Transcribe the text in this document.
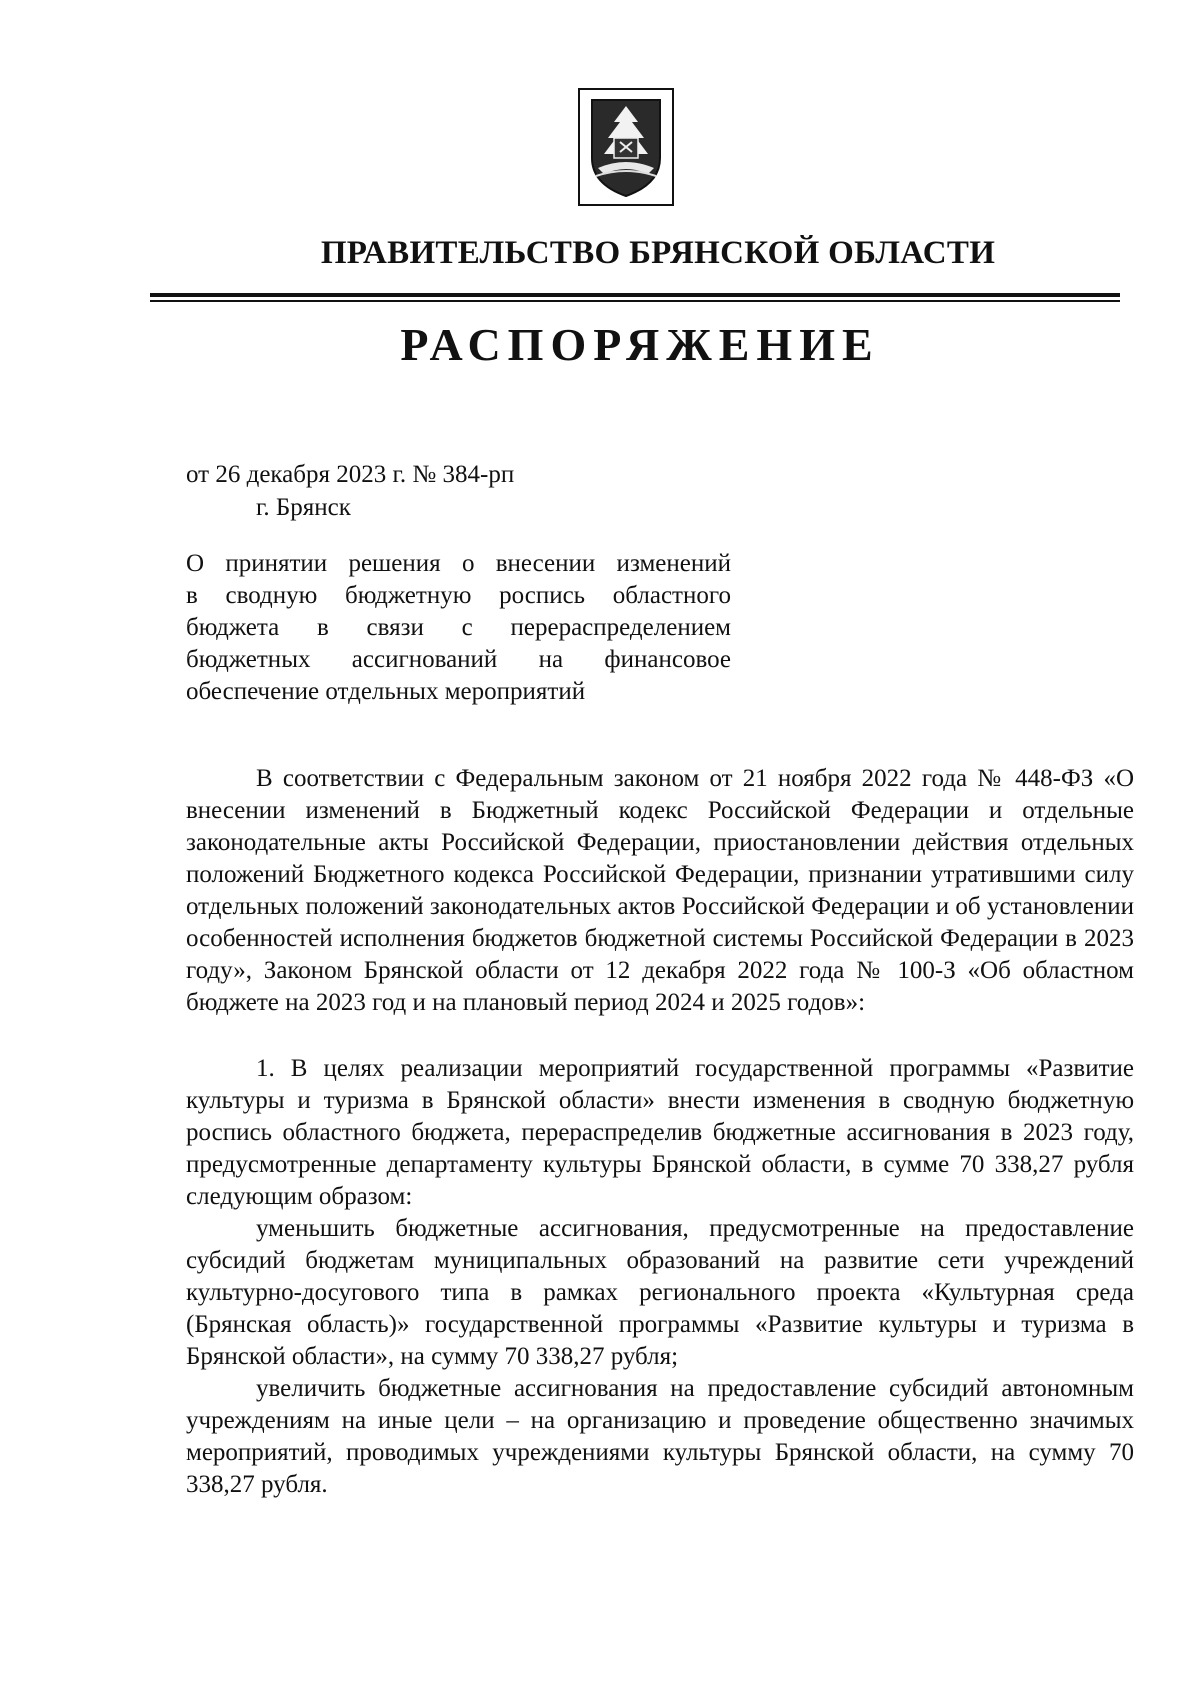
ПРАВИТЕЛЬСТВО БРЯНСКОЙ ОБЛАСТИ
РАСПОРЯЖЕНИЕ
от 26 декабря 2023 г. № 384-рп
г. Брянск

О принятии решения о внесении изменений

в сводную бюджетную роспись областного

бюджета в связи с перераспределением

бюджетных ассигнований на финансовое

обеспечение отдельных мероприятий

В соответствии с Федеральным законом от 21 ноября 2022 года № 448-ФЗ «О внесении изменений в Бюджетный кодекс Российской Федерации и отдельные законодательные акты Российской Федерации, приостановлении действия отдельных положений Бюджетного кодекса Российской Федерации, признании утратившими силу отдельных положений законодательных актов Российской Федерации и об установлении особенностей исполнения бюджетов бюджетной системы Российской Федерации в 2023 году», Законом Брянской области от 12 декабря 2022 года № 100-З «Об областном бюджете на 2023 год и на плановый период 2024 и 2025 годов»:

1. В целях реализации мероприятий государственной программы «Развитие культуры и туризма в Брянской области» внести изменения в сводную бюджетную роспись областного бюджета, перераспределив бюджетные ассигнования в 2023 году, предусмотренные департаменту культуры Брянской области, в сумме 70 338,27 рубля следующим образом:

уменьшить бюджетные ассигнования, предусмотренные на предоставление субсидий бюджетам муниципальных образований на развитие сети учреждений культурно-досугового типа в рамках регионального проекта «Культурная среда (Брянская область)» государственной программы «Развитие культуры и туризма в Брянской области», на сумму 70 338,27 рубля;

увеличить бюджетные ассигнования на предоставление субсидий автономным учреждениям на иные цели – на организацию и проведение общественно значимых мероприятий, проводимых учреждениями культуры Брянской области, на сумму 70 338,27 рубля.
